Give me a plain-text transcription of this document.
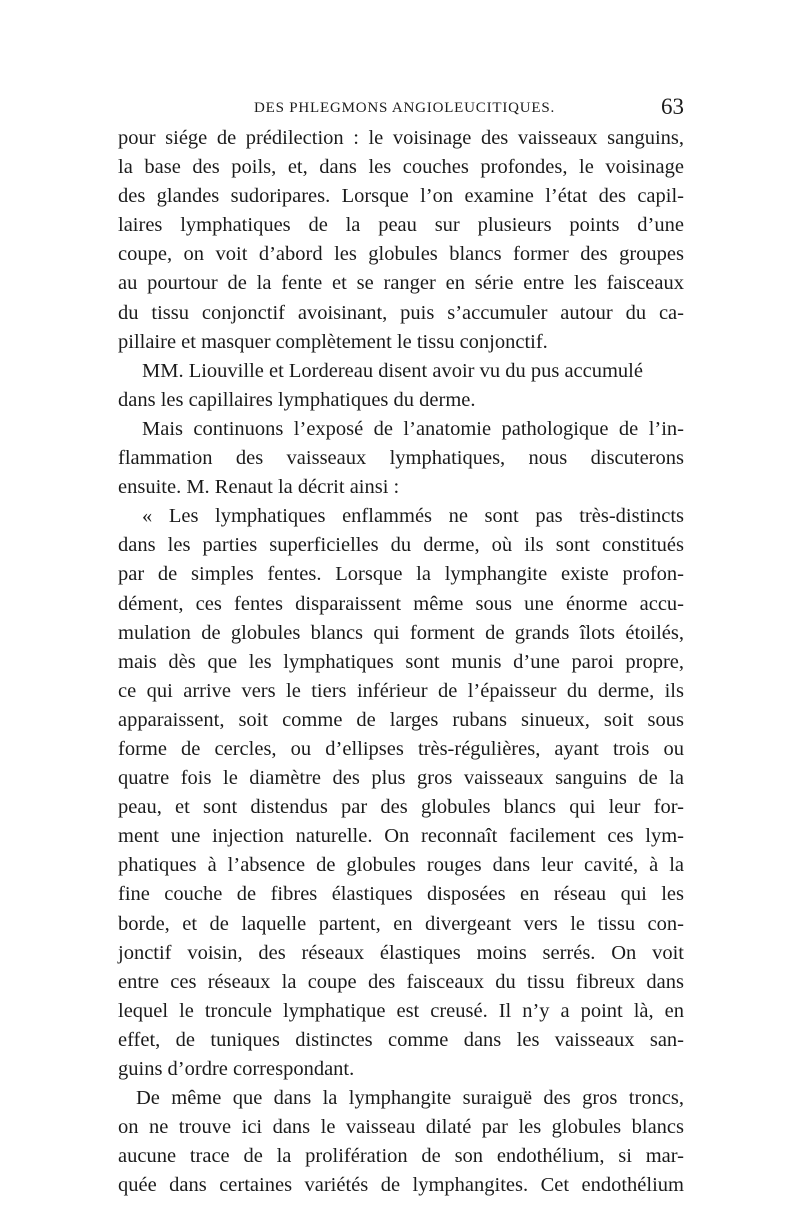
DES PHLEGMONS ANGIOLEUCITIQUES.	63
pour siége de prédilection : le voisinage des vaisseaux sanguins,
la base des poils, et, dans les couches profondes, le voisinage
des glandes sudoripares. Lorsque l’on examine l’état des capil-
laires lymphatiques de la peau sur plusieurs points d’une
coupe, on voit d’abord les globules blancs former des groupes
au pourtour de la fente et se ranger en série entre les faisceaux
du tissu conjonctif avoisinant, puis s’accumuler autour du ca-
pillaire et masquer complètement le tissu conjonctif.
MM. Liouville et Lordereau disent avoir vu du pus accumulé
dans les capillaires lymphatiques du derme.
Mais continuons l’exposé de l’anatomie pathologique de l’in-
flammation des vaisseaux lymphatiques, nous discuterons
ensuite. M. Renaut la décrit ainsi :
« Les lymphatiques enflammés ne sont pas très-distincts
dans les parties superficielles du derme, où ils sont constitués
par de simples fentes. Lorsque la lymphangite existe profon-
dément, ces fentes disparaissent même sous une énorme accu-
mulation de globules blancs qui forment de grands îlots étoilés,
mais dès que les lymphatiques sont munis d’une paroi propre,
ce qui arrive vers le tiers inférieur de l’épaisseur du derme, ils
apparaissent, soit comme de larges rubans sinueux, soit sous
forme de cercles, ou d’ellipses très-régulières, ayant trois ou
quatre fois le diamètre des plus gros vaisseaux sanguins de la
peau, et sont distendus par des globules blancs qui leur for-
ment une injection naturelle. On reconnaît facilement ces lym-
phatiques à l’absence de globules rouges dans leur cavité, à la
fine couche de fibres élastiques disposées en réseau qui les
borde, et de laquelle partent, en divergeant vers le tissu con-
jonctif voisin, des réseaux élastiques moins serrés. On voit
entre ces réseaux la coupe des faisceaux du tissu fibreux dans
lequel le troncule lymphatique est creusé. Il n’y a point là, en
effet, de tuniques distinctes comme dans les vaisseaux san-
guins d’ordre correspondant.
De même que dans la lymphangite suraiguë des gros troncs,
on ne trouve ici dans le vaisseau dilaté par les globules blancs
aucune trace de la prolifération de son endothélium, si mar-
quée dans certaines variétés de lymphangites. Cet endothélium
